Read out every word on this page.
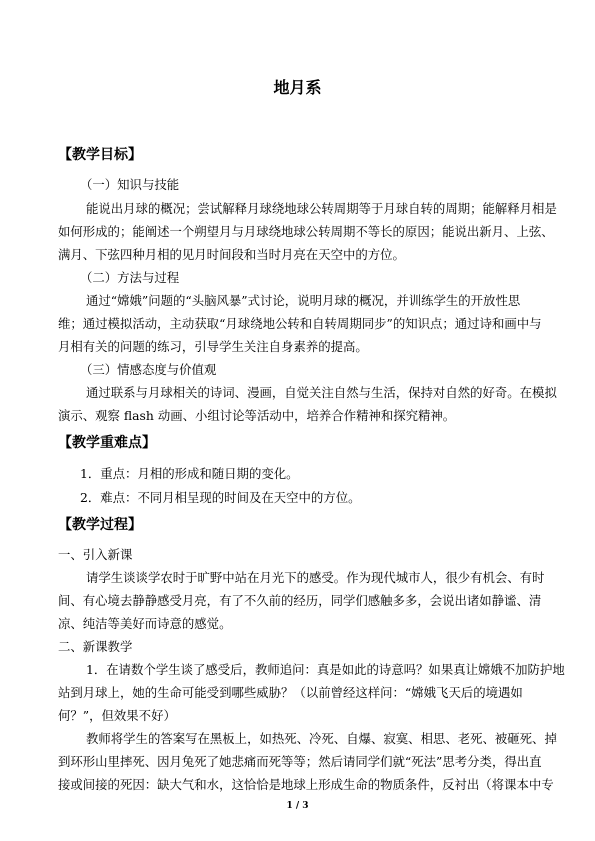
地月系
【教学目标】
（一）知识与技能
能说出月球的概况；尝试解释月球绕地球公转周期等于月球自转的周期；能解释月相是
如何形成的；能阐述一个朔望月与月球绕地球公转周期不等长的原因；能说出新月、上弦、
满月、下弦四种月相的见月时间段和当时月亮在天空中的方位。
（二）方法与过程
通过“嫦娥”问题的“头脑风暴”式讨论，说明月球的概况，并训练学生的开放性思
维；通过模拟活动，主动获取“月球绕地公转和自转周期同步”的知识点；通过诗和画中与
月相有关的问题的练习，引导学生关注自身素养的提高。
（三）情感态度与价值观
通过联系与月球相关的诗词、漫画，自觉关注自然与生活，保持对自然的好奇。在模拟
演示、观察 flash 动画、小组讨论等活动中，培养合作精神和探究精神。
【教学重难点】
1．重点：月相的形成和随日期的变化。
2．难点：不同月相呈现的时间及在天空中的方位。
【教学过程】
一、引入新课
请学生谈谈学农时于旷野中站在月光下的感受。作为现代城市人，很少有机会、有时
间、有心境去静静感受月亮，有了不久前的经历，同学们感触多多，会说出诸如静谧、清
凉、纯洁等美好而诗意的感觉。
二、新课教学
1．在请数个学生谈了感受后，教师追问：真是如此的诗意吗？如果真让嫦娥不加防护地
站到月球上，她的生命可能受到哪些威胁？（以前曾经这样问：“嫦娥飞天后的境遇如
何？”，但效果不好）
教师将学生的答案写在黑板上，如热死、冷死、自爆、寂寞、相思、老死、被砸死、掉
到环形山里摔死、因月兔死了她悲痛而死等等；然后请同学们就“死法”思考分类，得出直
接或间接的死因：缺大气和水，这恰恰是地球上形成生命的物质条件，反衬出（将课本中专
1 / 3
